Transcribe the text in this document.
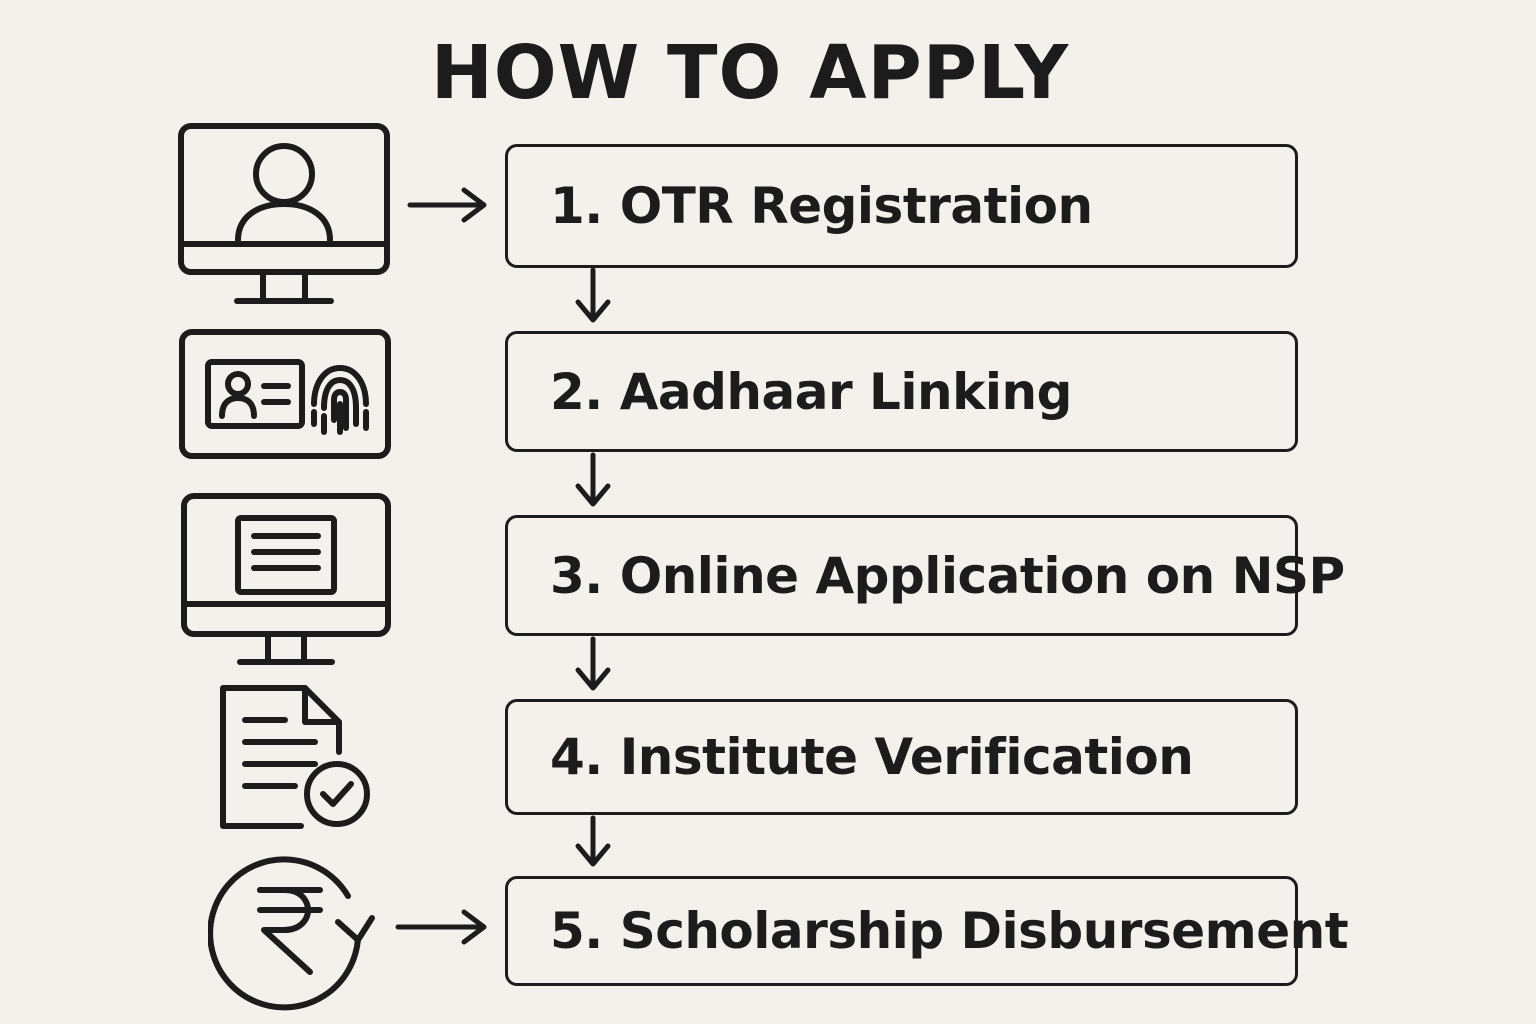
HOW TO APPLY
1. OTR Registration
2. Aadhaar Linking
3. Online Application on NSP
4. Institute Verification
5. Scholarship Disbursement
